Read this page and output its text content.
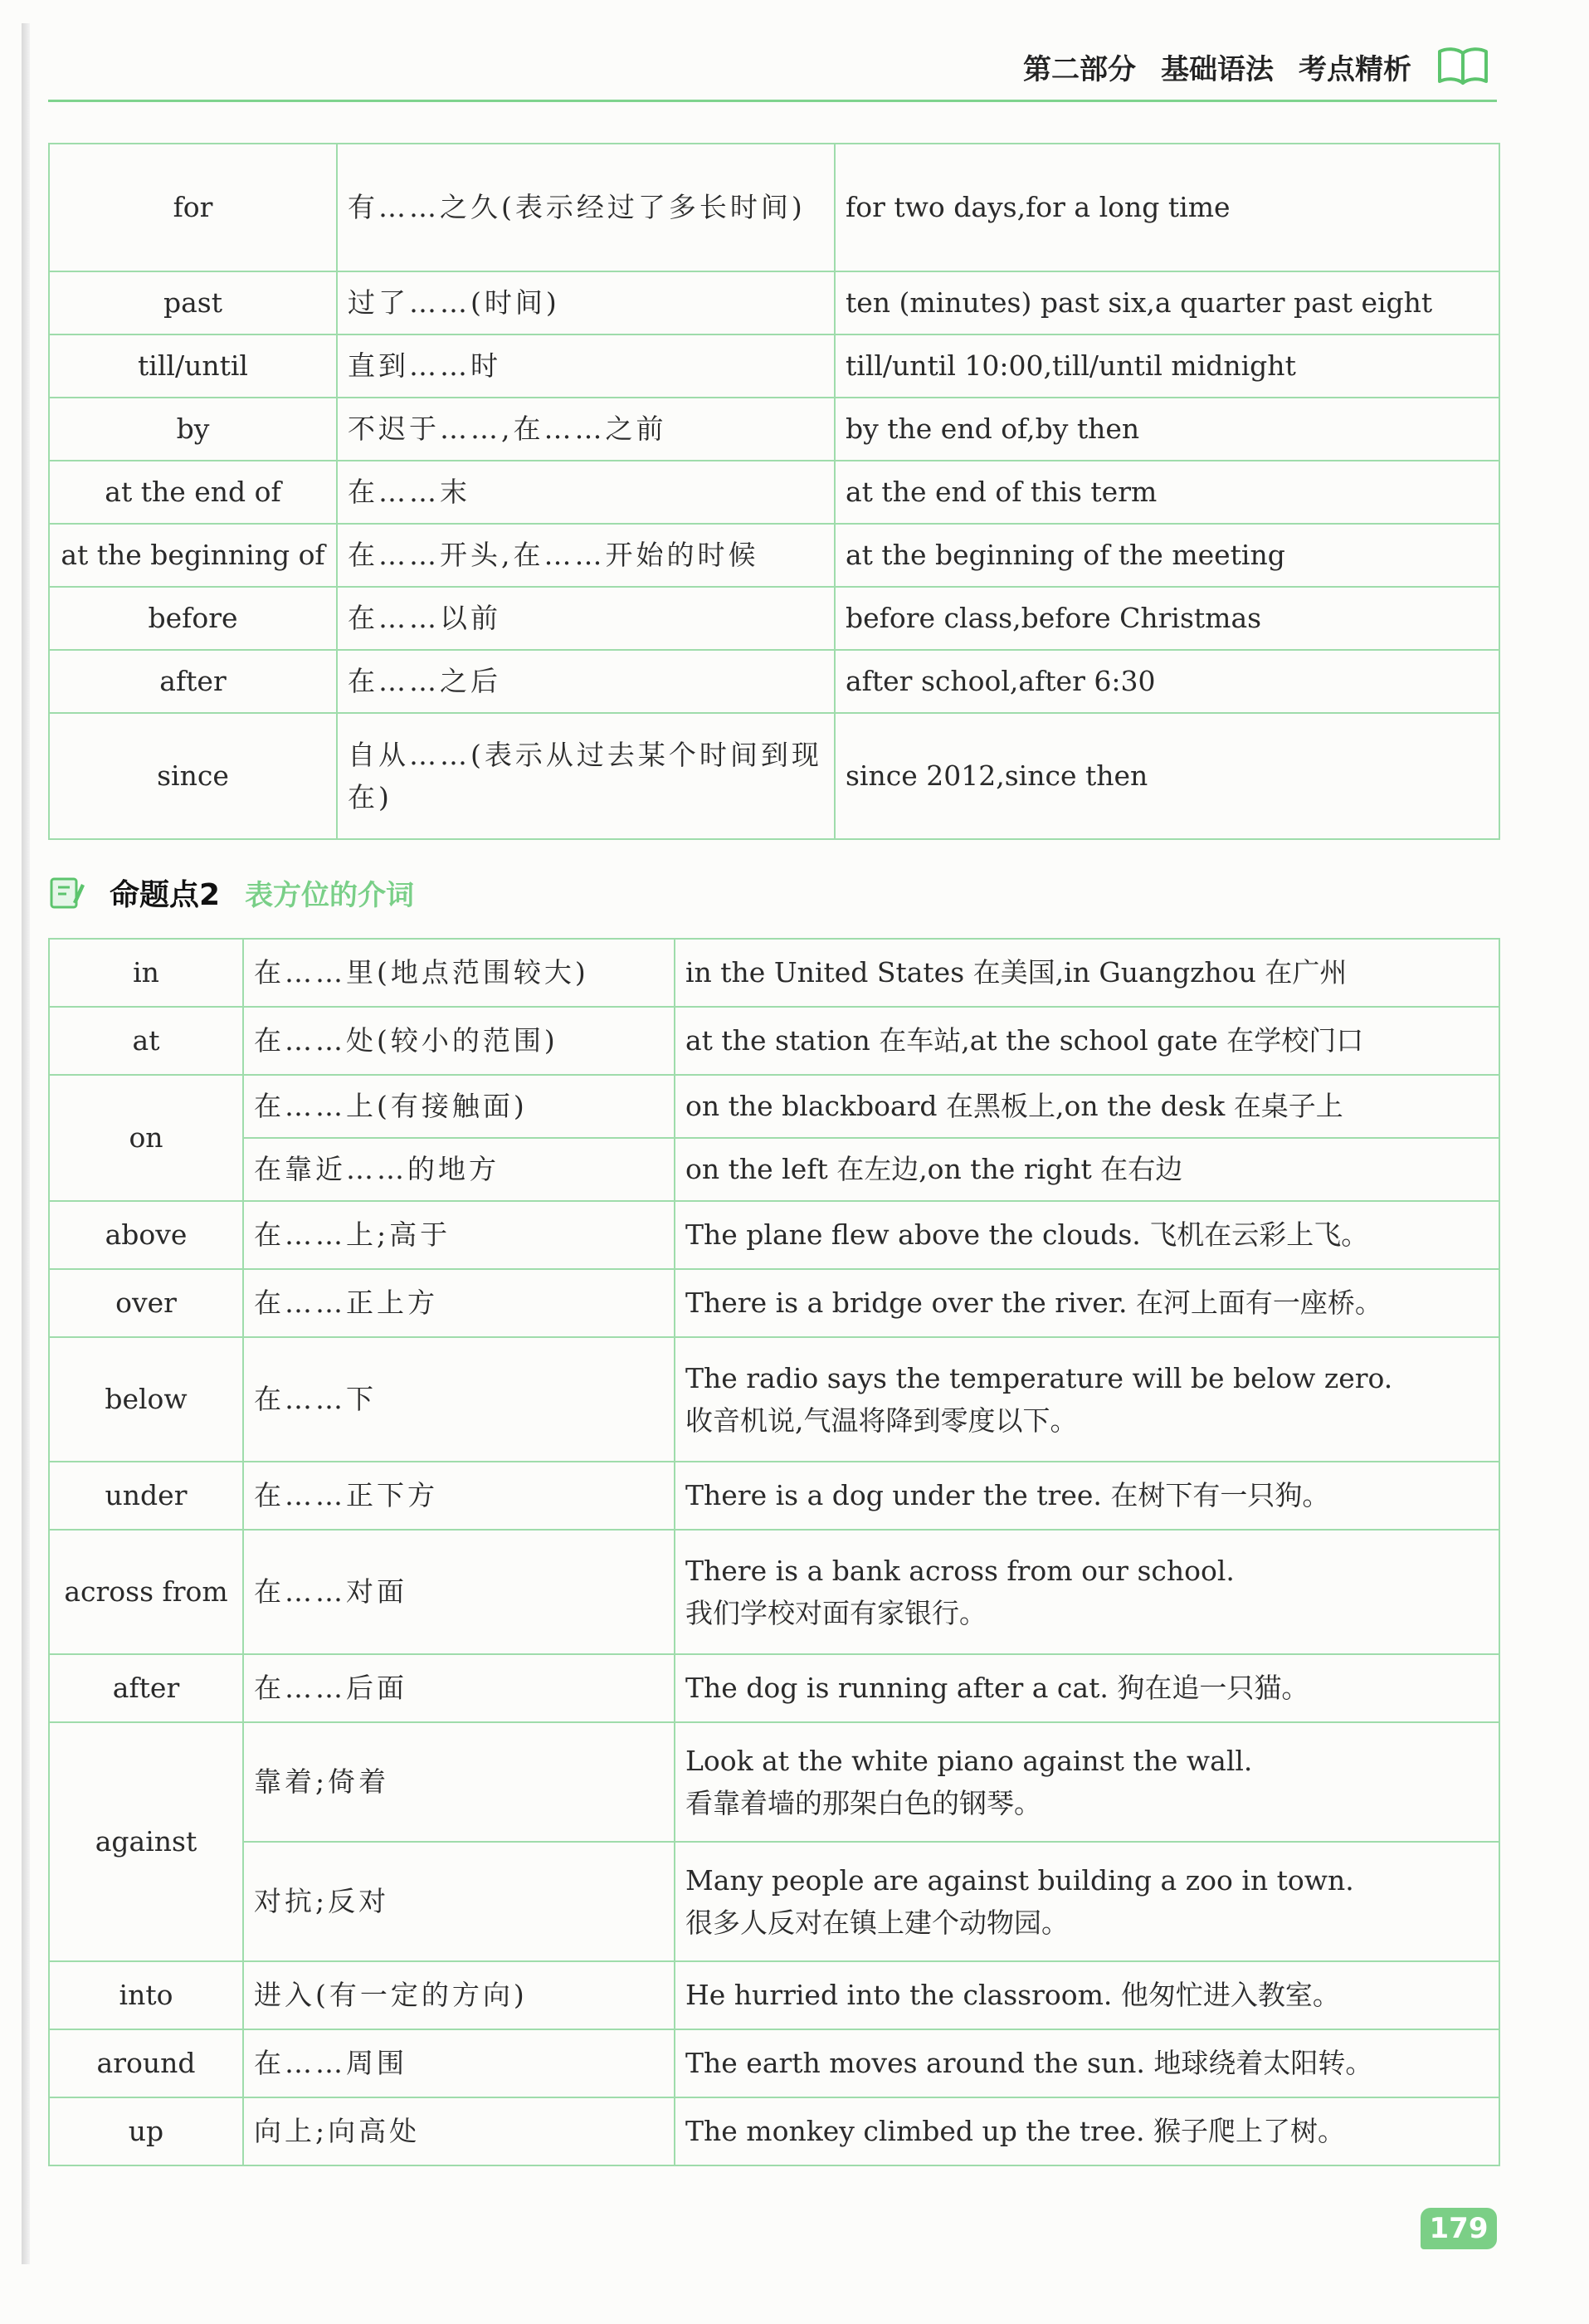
第二部分 基础语法 考点精析
for	有……之久(表示经过了多长时间)	for two days,for a long time
past	过了……(时间)	ten (minutes) past six,a quarter past eight
till/until	直到……时	till/until 10:00,till/until midnight
by	不迟于……,在……之前	by the end of,by then
at the end of	在……末	at the end of this term
at the beginning of	在……开头,在……开始的时候	at the beginning of the meeting
before	在……以前	before class,before Christmas
after	在……之后	after school,after 6:30
since	自从……(表示从过去某个时间到现在)	since 2012,since then
命题点2 表方位的介词
in	在……里(地点范围较大)	in the United States 在美国,in Guangzhou 在广州

at	在……处(较小的范围)	at the station 在车站,at the school gate 在学校门口

on	在……上(有接触面)	on the blackboard 在黑板上,on the desk 在桌子上

	在靠近……的地方	on the left 在左边,on the right 在右边

above	在……上;高于	The plane flew above the clouds. 飞机在云彩上飞。

over	在……正上方	There is a bridge over the river. 在河上面有一座桥。

below	在……下	The radio says the temperature will be below zero.
收音机说,气温将降到零度以下。

under	在……正下方	There is a dog under the tree. 在树下有一只狗。

across from	在……对面	There is a bank across from our school.
我们学校对面有家银行。

after	在……后面	The dog is running after a cat. 狗在追一只猫。

against	靠着;倚着	Look at the white piano against the wall.
看靠着墙的那架白色的钢琴。

	对抗;反对	Many people are against building a zoo in town.
很多人反对在镇上建个动物园。

into	进入(有一定的方向)	He hurried into the classroom. 他匆忙进入教室。

around	在……周围	The earth moves around the sun. 地球绕着太阳转。

up	向上;向高处	The monkey climbed up the tree. 猴子爬上了树。
179
